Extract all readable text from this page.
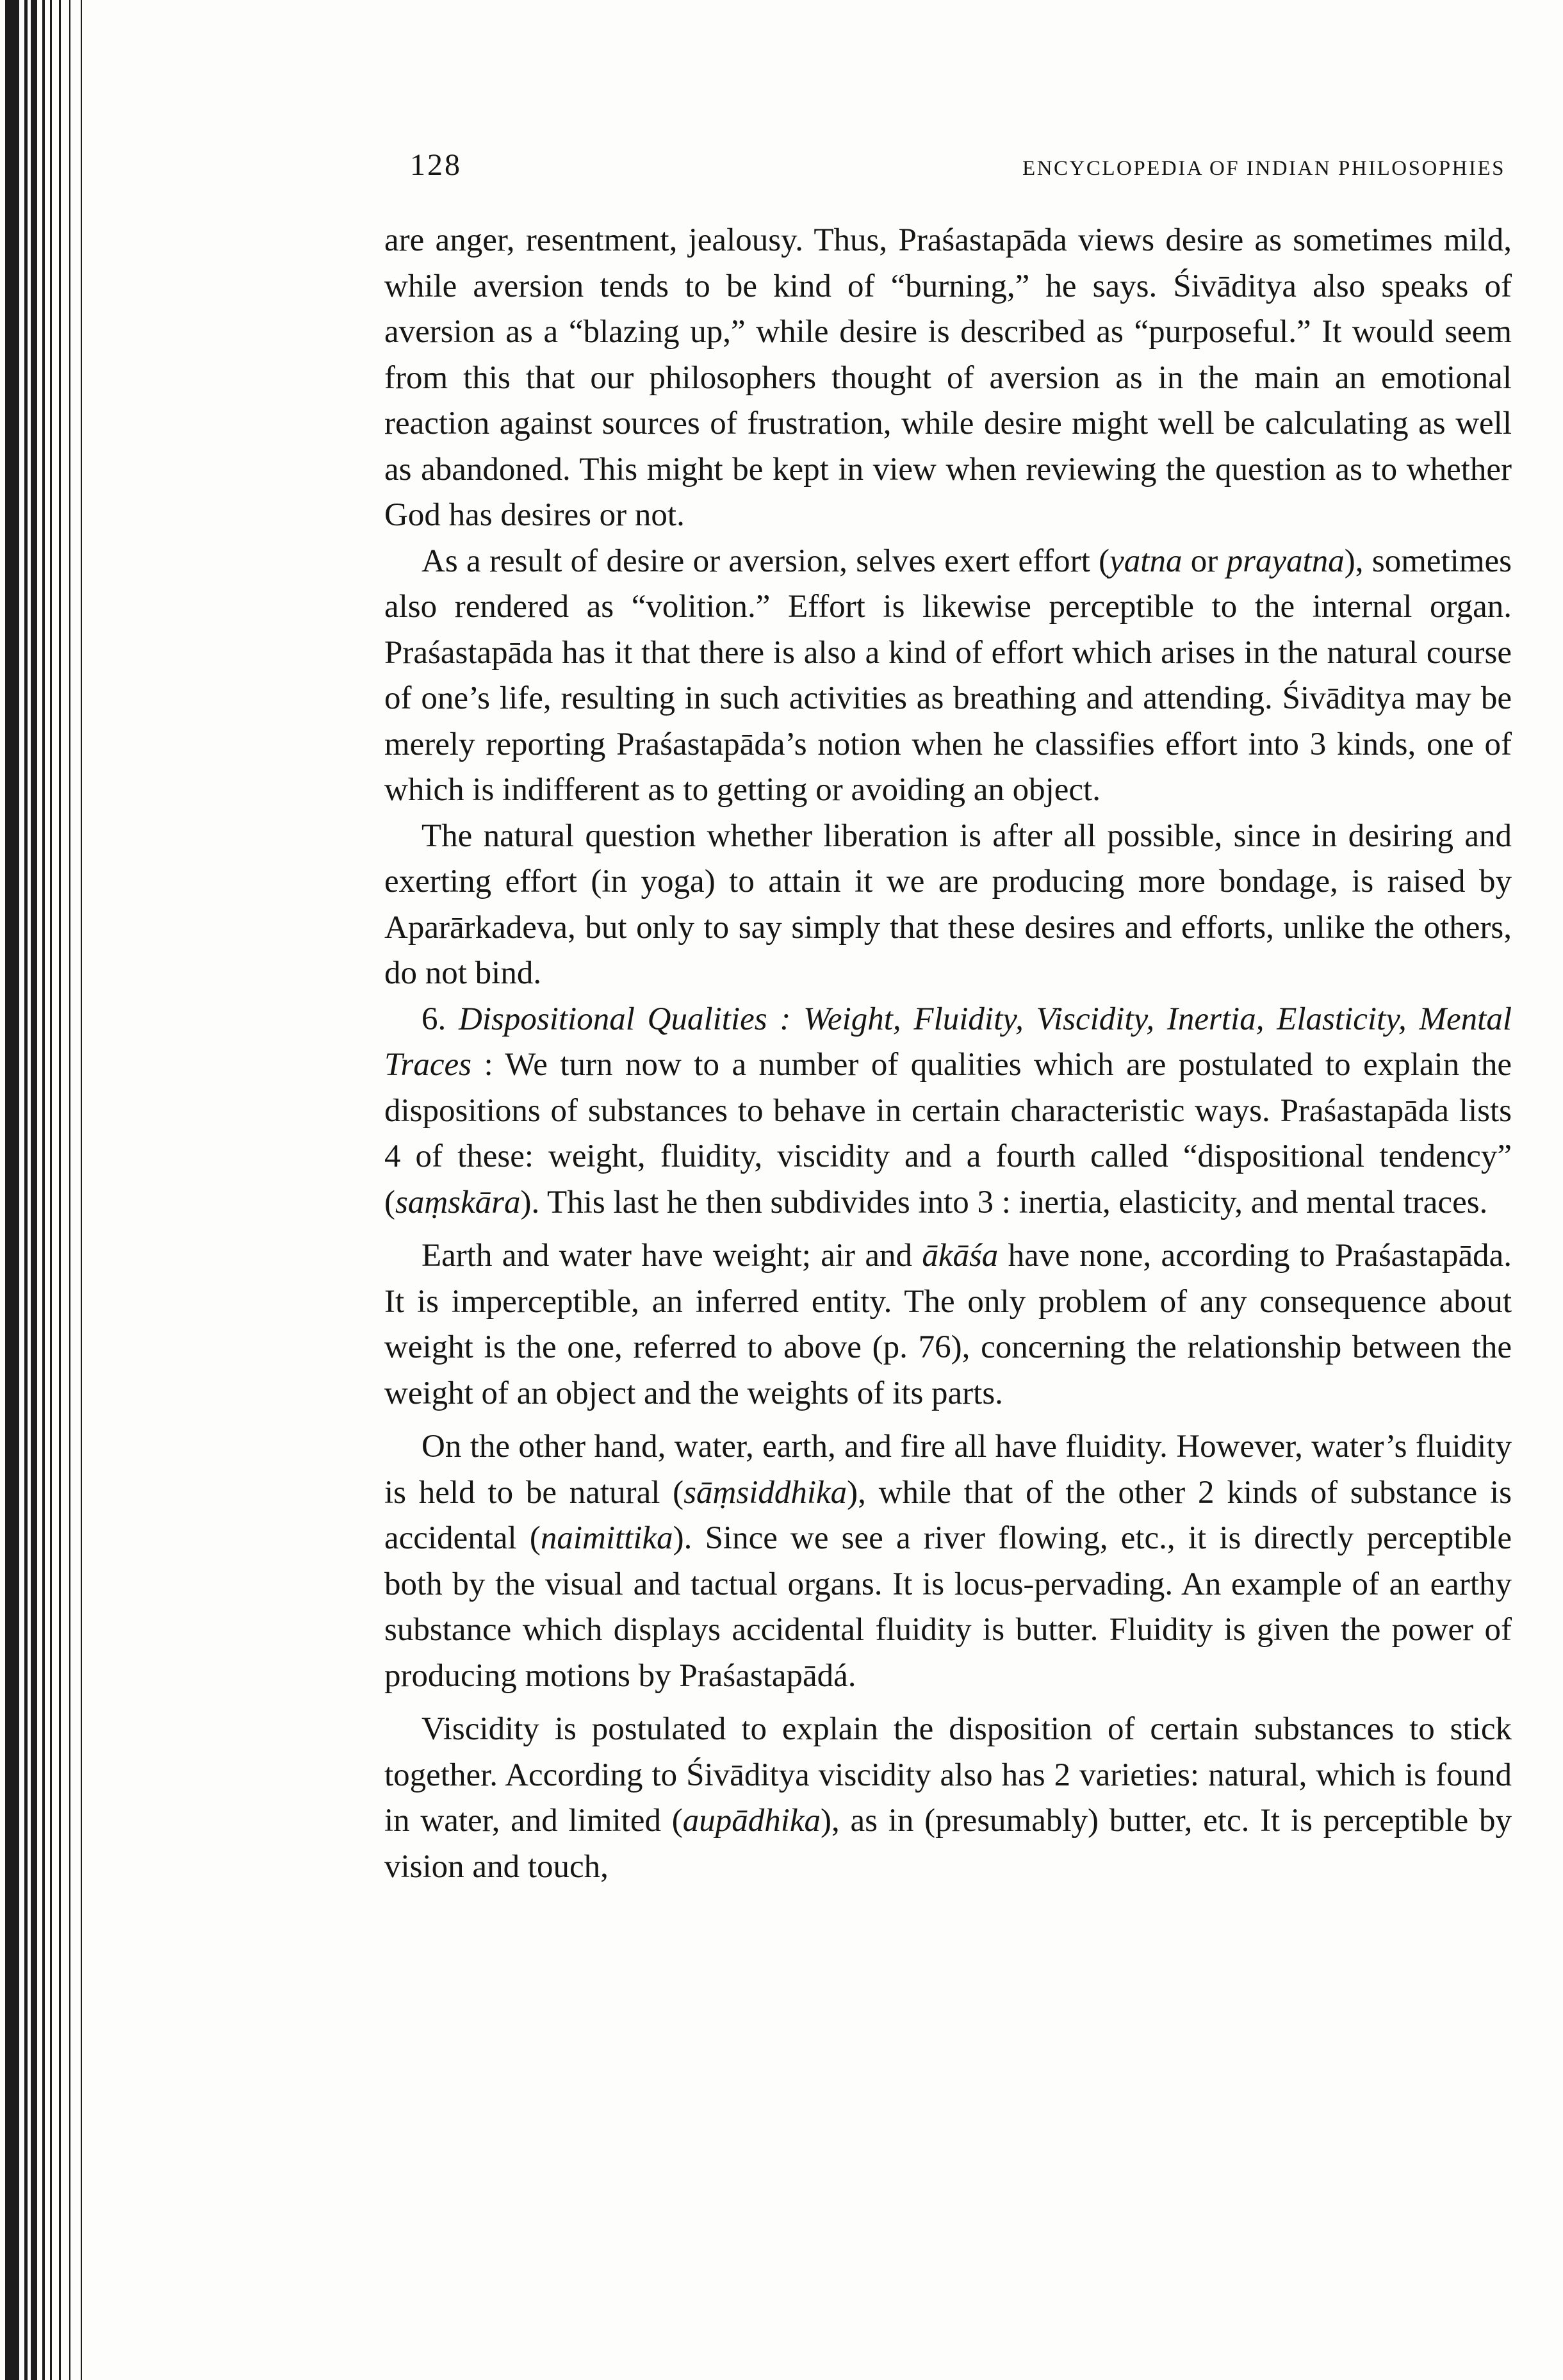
128	ENCYCLOPEDIA OF INDIAN PHILOSOPHIES

are anger, resentment, jealousy. Thus, Praśastapāda views desire as sometimes mild, while aversion tends to be kind of “burning,” he says. Śivāditya also speaks of aversion as a “blazing up,” while desire is described as “purposeful.” It would seem from this that our philosophers thought of aversion as in the main an emotional reaction against sources of frustration, while desire might well be calculating as well as abandoned. This might be kept in view when reviewing the question as to whether God has desires or not.

As a result of desire or aversion, selves exert effort (yatna or prayatna), sometimes also rendered as “volition.” Effort is likewise perceptible to the internal organ. Praśastapāda has it that there is also a kind of effort which arises in the natural course of one’s life, resulting in such activities as breathing and attending. Śivāditya may be merely reporting Praśastapāda’s notion when he classifies effort into 3 kinds, one of which is indifferent as to getting or avoiding an object.

The natural question whether liberation is after all possible, since in desiring and exerting effort (in yoga) to attain it we are producing more bondage, is raised by Aparārkadeva, but only to say simply that these desires and efforts, unlike the others, do not bind.

6. Dispositional Qualities : Weight, Fluidity, Viscidity, Inertia, Elasticity, Mental Traces : We turn now to a number of qualities which are postulated to explain the dispositions of substances to behave in certain characteristic ways. Praśastapāda lists 4 of these: weight, fluidity, viscidity and a fourth called “dispositional tendency” (saṃskāra). This last he then subdivides into 3 : inertia, elasticity, and mental traces.

Earth and water have weight; air and ākāśa have none, according to Praśastapāda. It is imperceptible, an inferred entity. The only problem of any consequence about weight is the one, referred to above (p. 76), concerning the relationship between the weight of an object and the weights of its parts.

On the other hand, water, earth, and fire all have fluidity. However, water’s fluidity is held to be natural (sāṃsiddhika), while that of the other 2 kinds of substance is accidental (naimittika). Since we see a river flowing, etc., it is directly perceptible both by the visual and tactual organs. It is locus-pervading. An example of an earthy substance which displays accidental fluidity is butter. Fluidity is given the power of producing motions by Praśastapādá.

Viscidity is postulated to explain the disposition of certain substances to stick together. According to Śivāditya viscidity also has 2 varieties: natural, which is found in water, and limited (aupādhika), as in (presumably) butter, etc. It is perceptible by vision and touch,
